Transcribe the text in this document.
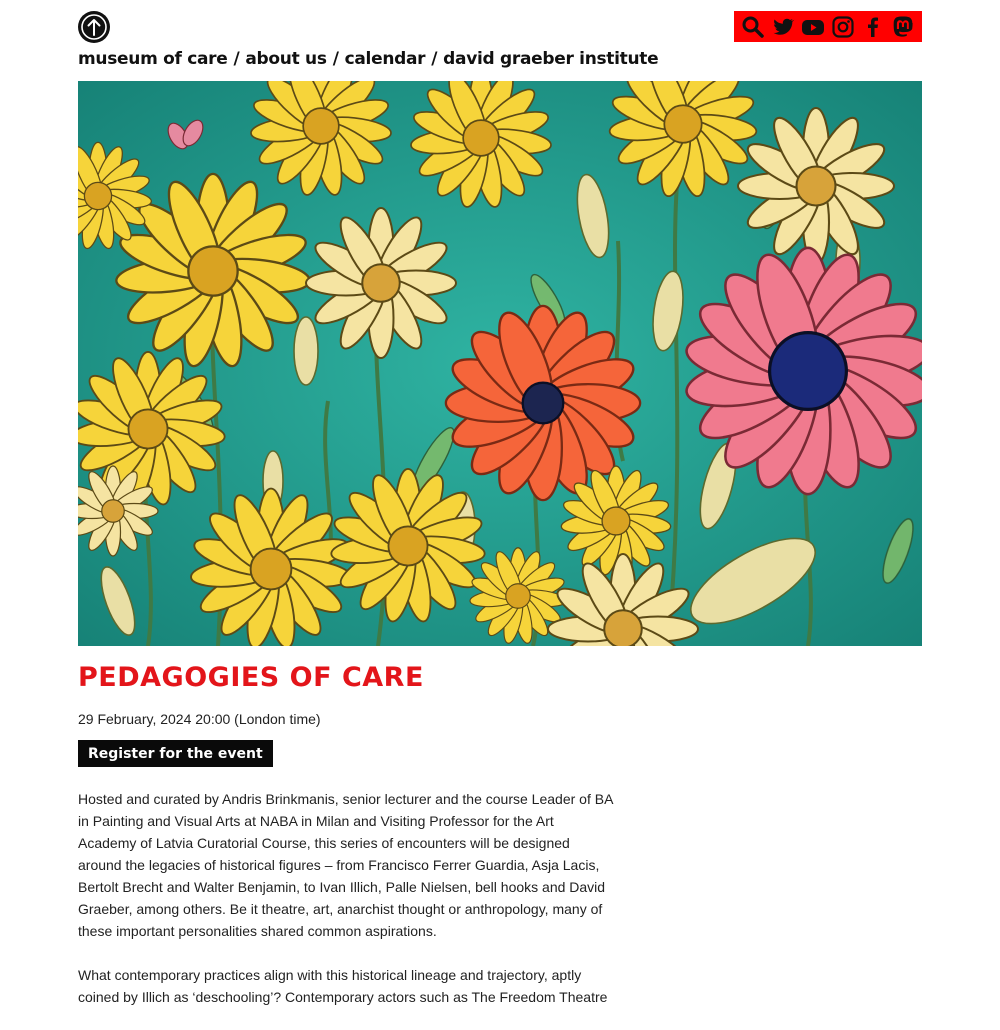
museum of care / about us / calendar / david graeber institute
PEDAGOGIES OF CARE
29 February, 2024 20:00 (London time)
Register for the event

Hosted and curated by Andris Brinkmanis, senior lecturer and the course Leader of BA in Painting and Visual Arts at NABA in Milan and Visiting Professor for the Art Academy of Latvia Curatorial Course, this series of encounters will be designed around the legacies of historical figures – from Francisco Ferrer Guardia, Asja Lacis, Bertolt Brecht and Walter Benjamin, to Ivan Illich, Palle Nielsen, bell hooks and David Graeber, among others. Be it theatre, art, anarchist thought or anthropology, many of these important personalities shared common aspirations.

What contemporary practices align with this historical lineage and trajectory, aptly coined by Illich as ‘deschooling’? Contemporary actors such as The Freedom Theatre
